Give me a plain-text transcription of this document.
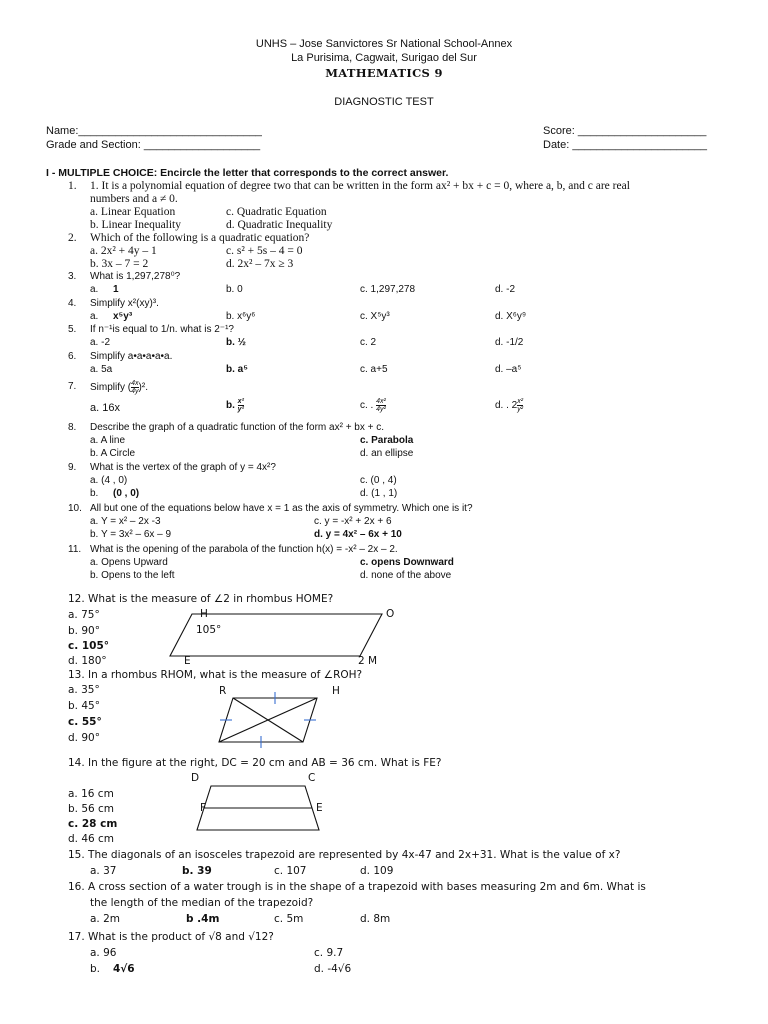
UNHS – Jose Sanvictores Sr National School-Annex
La Purisima, Cagwait, Surigao del Sur
MATHEMATICS 9
DIAGNOSTIC TEST
Name:______________________________
Grade and Section: ___________________
Score: _____________________
Date: ______________________
I - MULTIPLE CHOICE: Encircle the letter that corresponds to the correct answer.
1. 1. It is a polynomial equation of degree two that can be written in the form ax² + bx + c = 0, where a, b, and c are real
numbers and a ≠ 0.
a. Linear Equation	c. Quadratic Equation
b. Linear Inequality	d. Quadratic Inequality
2. Which of the following is a quadratic equation?
a. 2x² + 4y – 1	c. s² + 5s – 4 = 0
b. 3x – 7 = 2	d. 2x² – 7x ≥ 3
3. What is 1,297,278⁰?
a. 1	b. 0	c. 1,297,278	d. -2
4. Simplify x²(xy)³.
a. x⁵y³	b. x⁶y⁶	c. X⁵y³	d. X⁶y⁹
5. If n⁻¹is equal to 1/n. what is 2⁻¹?
a. -2	b. ½	c. 2	d. -1/2
6. Simplify a•a•a•a•a.
a. 5a	b. a⁵	c. a+5	d. –a⁵
7. Simplify ( $\frac{4x}{4y} )^2$.
a. 16x	b. $\frac{\text{x²}}{\text{y²}}$	c. . $\frac{\text{4x²}}{\text{4y²}}$	d. . $2 \frac{\text{x²}}{\text{y²}}$
8. Describe the graph of a quadratic function of the form ax² + bx + c.
a. A line	c. Parabola
b. A Circle	d. an ellipse
9. What is the vertex of the graph of y = 4x²?
a. (4 , 0)	c. (0 , 4)
b. (0 , 0)	d. (1 , 1)
10. All but one of the equations below have x = 1 as the axis of symmetry. Which one is it?
a. Y = x² – 2x -3	c. y = -x² + 2x + 6
b. Y = 3x² – 6x – 9	d. y = 4x² – 6x + 10
11. What is the opening of the parabola of the function h(x) = -x² – 2x – 2.
a. Opens Upward	c. opens Downward
b. Opens to the left	d. none of the above
12. What is the measure of ∠2 in rhombus HOME?
a. 75°
b. 90°
c. 105°
d. 180°
H	O
105°
E	2 M
13. In a rhombus RHOM, what is the measure of ∠ROH?
a. 35°
b. 45°
c. 55°
d. 90°
R	H
14. In the figure at the right, DC = 20 cm and AB = 36 cm. What is FE?
D	C
F	E
a. 16 cm
b. 56 cm
c. 28 cm
d. 46 cm
15. The diagonals of an isosceles trapezoid are represented by 4x-47 and 2x+31. What is the value of x?
a. 37	b. 39	c. 107	d. 109
16. A cross section of a water trough is in the shape of a trapezoid with bases measuring 2m and 6m. What is
the length of the median of the trapezoid?
a. 2m	b .4m	c. 5m	d. 8m
17. What is the product of √8 and √12?
a. 96	c. 9.7
b. 4√6	d. -4√6
